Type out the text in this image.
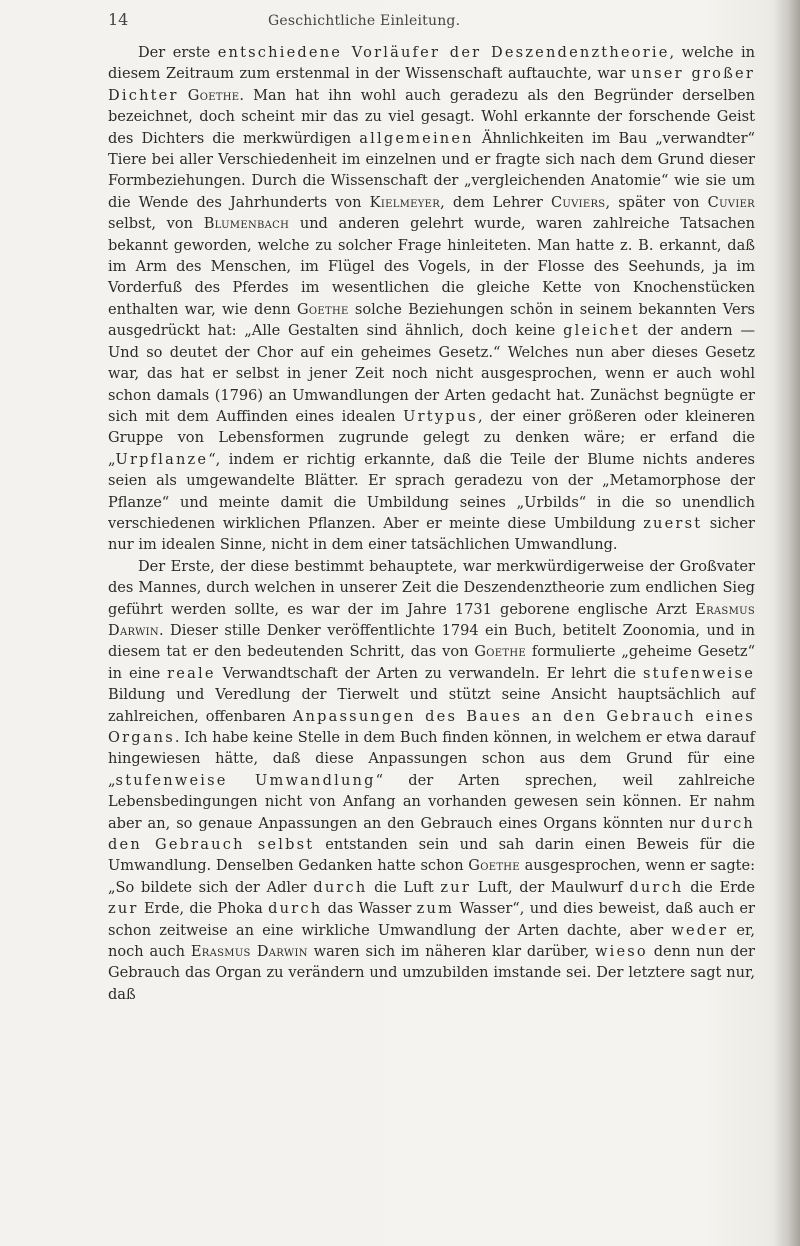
14	Geschichtliche Einleitung.

Der erste entschiedene Vorläufer der Deszendenztheorie, welche in diesem Zeitraum zum erstenmal in der Wissenschaft auftauchte, war unser großer Dichter Goethe. Man hat ihn wohl auch geradezu als den Begründer derselben bezeichnet, doch scheint mir das zu viel gesagt. Wohl erkannte der forschende Geist des Dichters die merkwürdigen allgemeinen Ähnlichkeiten im Bau „verwandter“ Tiere bei aller Verschiedenheit im einzelnen und er fragte sich nach dem Grund dieser Formbeziehungen. Durch die Wissenschaft der „vergleichenden Anatomie“ wie sie um die Wende des Jahrhunderts von Kielmeyer, dem Lehrer Cuviers, später von Cuvier selbst, von Blumenbach und anderen gelehrt wurde, waren zahlreiche Tatsachen bekannt geworden, welche zu solcher Frage hinleiteten. Man hatte z. B. erkannt, daß im Arm des Menschen, im Flügel des Vogels, in der Flosse des Seehunds, ja im Vorderfuß des Pferdes im wesentlichen die gleiche Kette von Knochenstücken enthalten war, wie denn Goethe solche Beziehungen schön in seinem bekannten Vers ausgedrückt hat: „Alle Gestalten sind ähnlich, doch keine gleichet der andern — Und so deutet der Chor auf ein geheimes Gesetz.“ Welches nun aber dieses Gesetz war, das hat er selbst in jener Zeit noch nicht ausgesprochen, wenn er auch wohl schon damals (1796) an Umwandlungen der Arten gedacht hat. Zunächst begnügte er sich mit dem Auffinden eines idealen Urtypus, der einer größeren oder kleineren Gruppe von Lebensformen zugrunde gelegt zu denken wäre; er erfand die „Urpflanze“, indem er richtig erkannte, daß die Teile der Blume nichts anderes seien als umgewandelte Blätter. Er sprach geradezu von der „Metamorphose der Pflanze“ und meinte damit die Umbildung seines „Urbilds“ in die so unendlich verschiedenen wirklichen Pflanzen. Aber er meinte diese Umbildung zuerst sicher nur im idealen Sinne, nicht in dem einer tatsächlichen Umwandlung.

Der Erste, der diese bestimmt behauptete, war merkwürdigerweise der Großvater des Mannes, durch welchen in unserer Zeit die Deszendenztheorie zum endlichen Sieg geführt werden sollte, es war der im Jahre 1731 geborene englische Arzt Erasmus Darwin. Dieser stille Denker veröffentlichte 1794 ein Buch, betitelt Zoonomia, und in diesem tat er den bedeutenden Schritt, das von Goethe formulierte „geheime Gesetz“ in eine reale Verwandtschaft der Arten zu verwandeln. Er lehrt die stufenweise Bildung und Veredlung der Tierwelt und stützt seine Ansicht hauptsächlich auf zahlreichen, offenbaren Anpassungen des Baues an den Gebrauch eines Organs. Ich habe keine Stelle in dem Buch finden können, in welchem er etwa darauf hingewiesen hätte, daß diese Anpassungen schon aus dem Grund für eine „stufenweise Umwandlung“ der Arten sprechen, weil zahlreiche Lebensbedingungen nicht von Anfang an vorhanden gewesen sein können. Er nahm aber an, so genaue Anpassungen an den Gebrauch eines Organs könnten nur durch den Gebrauch selbst entstanden sein und sah darin einen Beweis für die Umwandlung. Denselben Gedanken hatte schon Goethe ausgesprochen, wenn er sagte: „So bildete sich der Adler durch die Luft zur Luft, der Maulwurf durch die Erde zur Erde, die Phoka durch das Wasser zum Wasser“, und dies beweist, daß auch er schon zeitweise an eine wirkliche Umwandlung der Arten dachte, aber weder er, noch auch Erasmus Darwin waren sich im näheren klar darüber, wieso denn nun der Gebrauch das Organ zu verändern und umzubilden imstande sei. Der letztere sagt nur, daß
